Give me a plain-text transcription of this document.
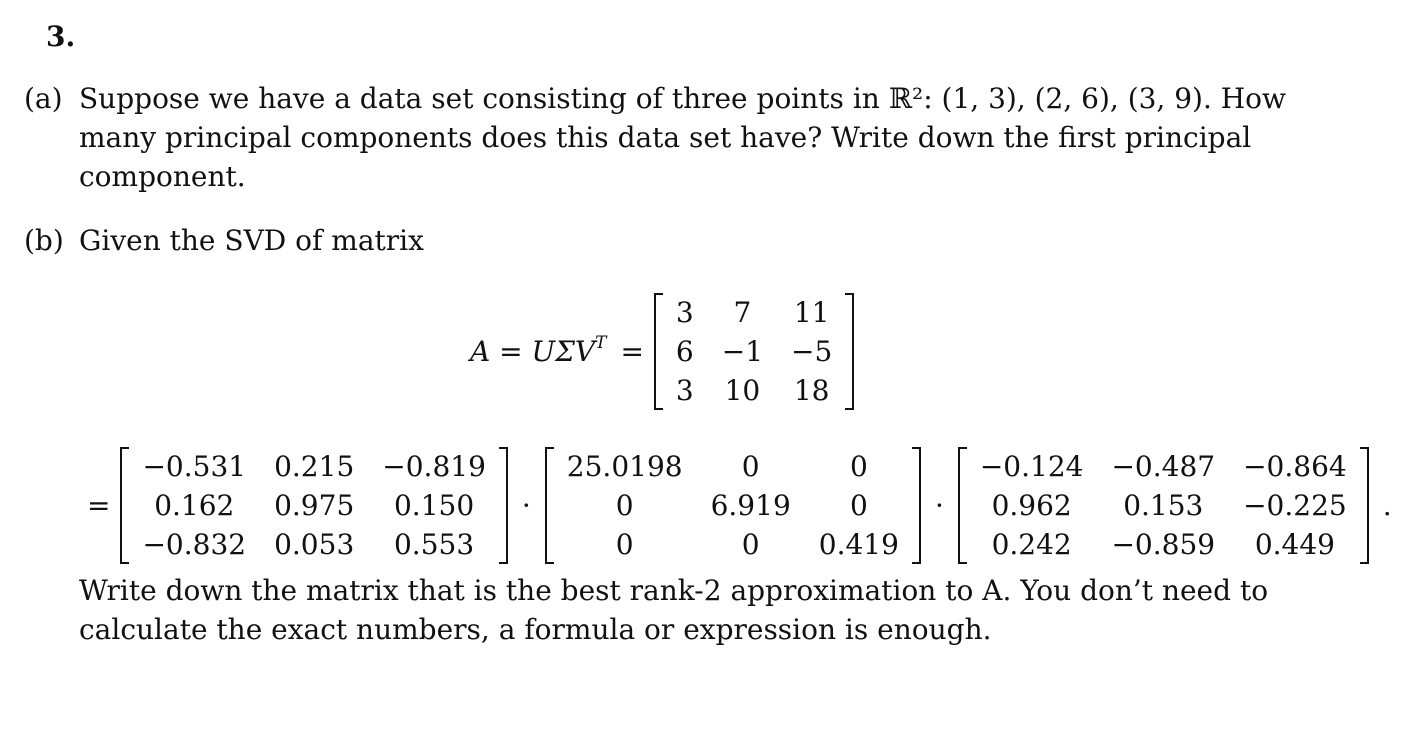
3.
(a) Suppose we have a data set consisting of three points in ℝ²: (1, 3), (2, 6), (3, 9). How
many principal components does this data set have? Write down the first principal
component.
(b) Given the SVD of matrix
$A = U\Sigma V^T$ =
3	7	11
6	−1	−5
3	10	18
=
−0.531	0.215	−0.819
0.162	0.975	0.150
−0.832	0.053	0.553
·
25.0198	0	0
0	6.919	0
0	0	0.419
·
−0.124	−0.487	−0.864
0.962	0.153	−0.225
0.242	−0.859	0.449
.
Write down the matrix that is the best rank-2 approximation to A. You don’t need to
calculate the exact numbers, a formula or expression is enough.
